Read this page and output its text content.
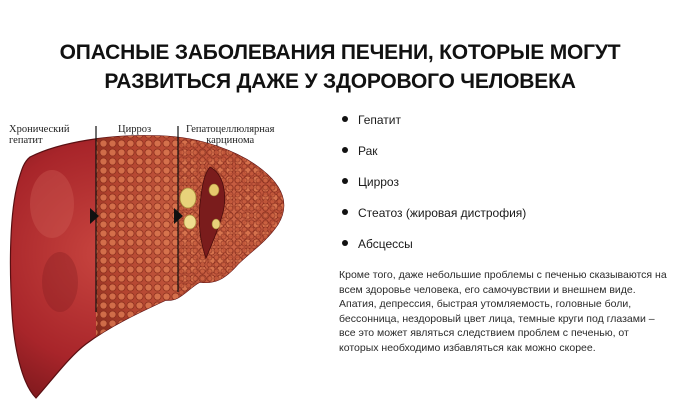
ОПАСНЫЕ ЗАБОЛЕВАНИЯ ПЕЧЕНИ, КОТОРЫЕ МОГУТ
РАЗВИТЬСЯ ДАЖЕ У ЗДОРОВОГО ЧЕЛОВЕКА
Хронический
гепатит
Цирроз	Гепатоцеллюлярная
карцинома
Гепатит
Рак
Цирроз
Стеатоз (жировая дистрофия)
Абсцессы
Кроме того, даже небольшие проблемы с печенью сказываются на всем здоровье человека, его самочувствии и внешнем виде. Апатия, депрессия, быстрая утомляемость, головные боли, бессонница, нездоровый цвет лица, темные круги под глазами – все это может являться следствием проблем с печенью, от которых необходимо избавляться как можно скорее.
